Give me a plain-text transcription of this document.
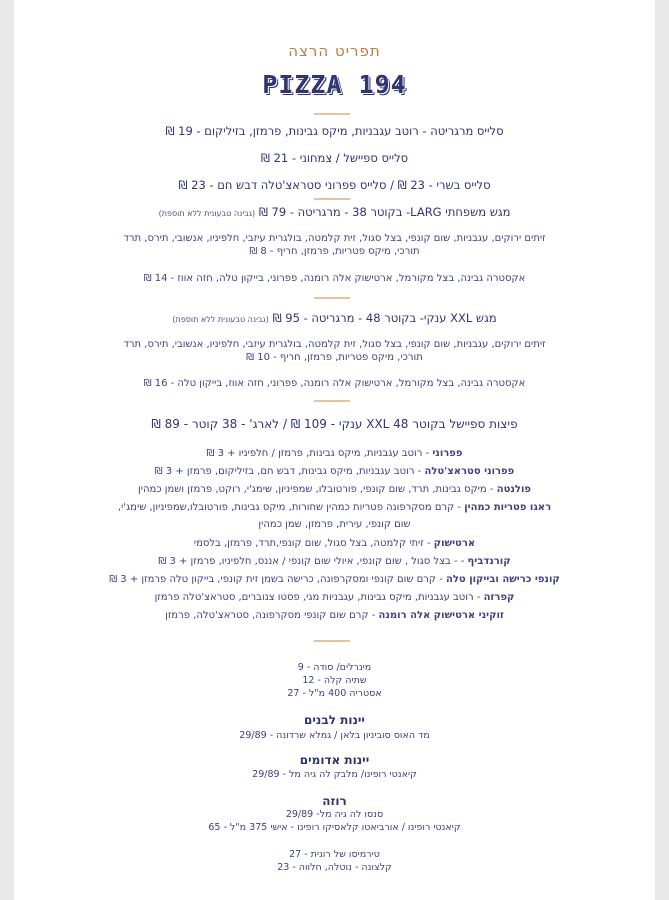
תפריט הרצה
PIZZA 194
סלייס מרגריטה - רוטב עגבניות, מיקס גבינות, פרמזן, בזיליקום - 19 ₪
סלייס ספיישל / צמחוני - 21 ₪
סלייס בשרי - 23 ₪ / סלייס פפרוני סטראצ'טלה דבש חם - 23 ₪
מגש משפחתי LARG- בקוטר 38 - מרגריטה - 79 ₪ (גבינה טבעונית ללא תוספת)
זיתים ירוקים, עגבניות, שום קונפי, בצל סגול, זית קלמטה, בולגרית עיזבי, חלפיניו, אנשובי, תירס, תרד
תורכי, מיקס פטריות, פרמזן, חריף - 8 ₪
אקסטרה גבינה, בצל מקורמל, ארטישוק אלה רומנה, פפרוני, בייקון טלה, חזה אווז - 14 ₪
מגש XXL ענקי- בקוטר 48 - מרגריטה - 95 ₪ (גבינה טבעונית ללא תוספת)
זיתים ירוקים, עגבניות, שום קונפי, בצל סגול, זית קלמטה, בולגרית עיזבי, חלפיניו, אנשובי, תירס, תרד
תורכי, מיקס פטריות, פרמזן, חריף - 10 ₪
אקסטרה גבינה, בצל מקורמל, ארטישוק אלה רומנה, פפרוני, חזה אווז, בייקון טלה - 16 ₪
פיצות ספיישל בקוטר XXL 48 ענקי - 109 ₪ / לארג' - 38 קוטר - 89 ₪
פפרוני - רוטב עגבניות, מיקס גבינות, פרמזן / חלפיניו + 3 ₪
פפרוני סטראצ'טלה - רוטב עגבניות, מיקס גבינות, דבש חם, בזיליקום, פרמזן + 3 ₪
פולנטה - מיקס גבינות, תרד, שום קונפי, פורטובלו, שמפיניון, שימג'י, רוקט, פרמזן ושמן כמהין
ראגו פטריות כמהין - קרם מסקרפונה פטריות כמהין שחורות, מיקס גבינות, פורטובלו,שמפיניון, שימג'י,
שום קונפי, עירית, פרמזן, שמן כמהין
ארטישוק - זיתי קלמטה, בצל סגול, שום קונפי,תרד, פרמזן, בלסמי
קורנדביף - - בצל סגול , שום קונפי, איולי שום קונפי / אננס, חלפיניו, פרמזן + 3 ₪
קונפי כרישה ובייקון טלה - קרם שום קונפי ומסקרפונה, כרישה בשמן זית קונפי, בייקון טלה פרמזן + 3 ₪
קפרזה - רוטב עגבניות, מיקס גבינות, עגבניות מגי, פסטו צנוברים, סטראצ'טלה פרמזן
זוקיני ארטישוק אלה רומנה - קרם שום קונפי מסקרפונה, סטראצ'טלה, פרמזן
מינרלים/ סודה - 9
שתיה קלה - 12
אסטריה 400 מ"ל - 27
יינות לבנים
מד האוס סוביניון בלאן / גמלא שרדונה - 29/89
יינות אדומים
קיאנטי רופינו/ מלבק לה גיה מל - 29/89
רוזה
סנסו לה גיה מל- 29/89
קיאנטי רופינו / אורביאטו קלאסיקו רופינו - אישי 375 מ"ל - 65
טירמיסו של רונית - 27
קלצונה - נוטלה, חלווה - 23
